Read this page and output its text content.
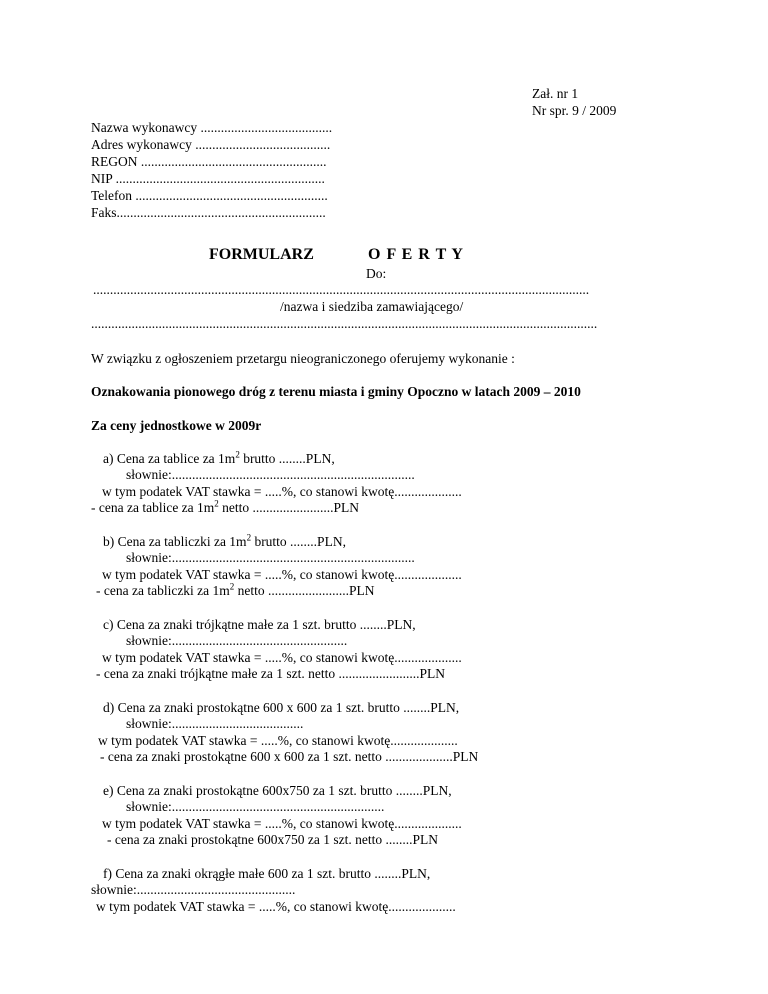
Zał. nr 1
Nr spr. 9 / 2009
Nazwa wykonawcy .......................................
Adres wykonawcy ........................................
REGON .......................................................
NIP ..............................................................
Telefon .........................................................
Faks..............................................................
FORMULARZ	O F E R T Y
Do:
...................................................................................................................................................
/nazwa i siedziba zamawiającego/
......................................................................................................................................................
W związku z ogłoszeniem przetargu nieograniczonego oferujemy wykonanie :
Oznakowania pionowego dróg z terenu miasta i gminy Opoczno w latach 2009 – 2010
Za ceny jednostkowe w 2009r
a) Cena za tablice za $1m^2$ brutto ........PLN,
słownie:........................................................................
w tym podatek VAT stawka = .....%, co stanowi kwotę....................
- cena za tablice za $1m^2$ netto ........................PLN
b) Cena za tabliczki za $1m^2$ brutto ........PLN,
słownie:........................................................................
w tym podatek VAT stawka = .....%, co stanowi kwotę....................
- cena za tabliczki za $1m^2$ netto ........................PLN
c) Cena za znaki trójkątne małe za 1 szt. brutto ........PLN,
słownie:....................................................
w tym podatek VAT stawka = .....%, co stanowi kwotę....................
- cena za znaki trójkątne małe za 1 szt. netto ........................PLN
d) Cena za znaki prostokątne 600 x 600 za 1 szt. brutto ........PLN,
słownie:.......................................
w tym podatek VAT stawka = .....%, co stanowi kwotę....................
- cena za znaki prostokątne 600 x 600 za 1 szt. netto ....................PLN
e) Cena za znaki prostokątne 600x750 za 1 szt. brutto ........PLN,
słownie:...............................................................
w tym podatek VAT stawka = .....%, co stanowi kwotę....................
- cena za znaki prostokątne 600x750 za 1 szt. netto ........PLN
f) Cena za znaki okrągłe małe 600 za 1 szt. brutto ........PLN,
słownie:...............................................
w tym podatek VAT stawka = .....%, co stanowi kwotę....................
